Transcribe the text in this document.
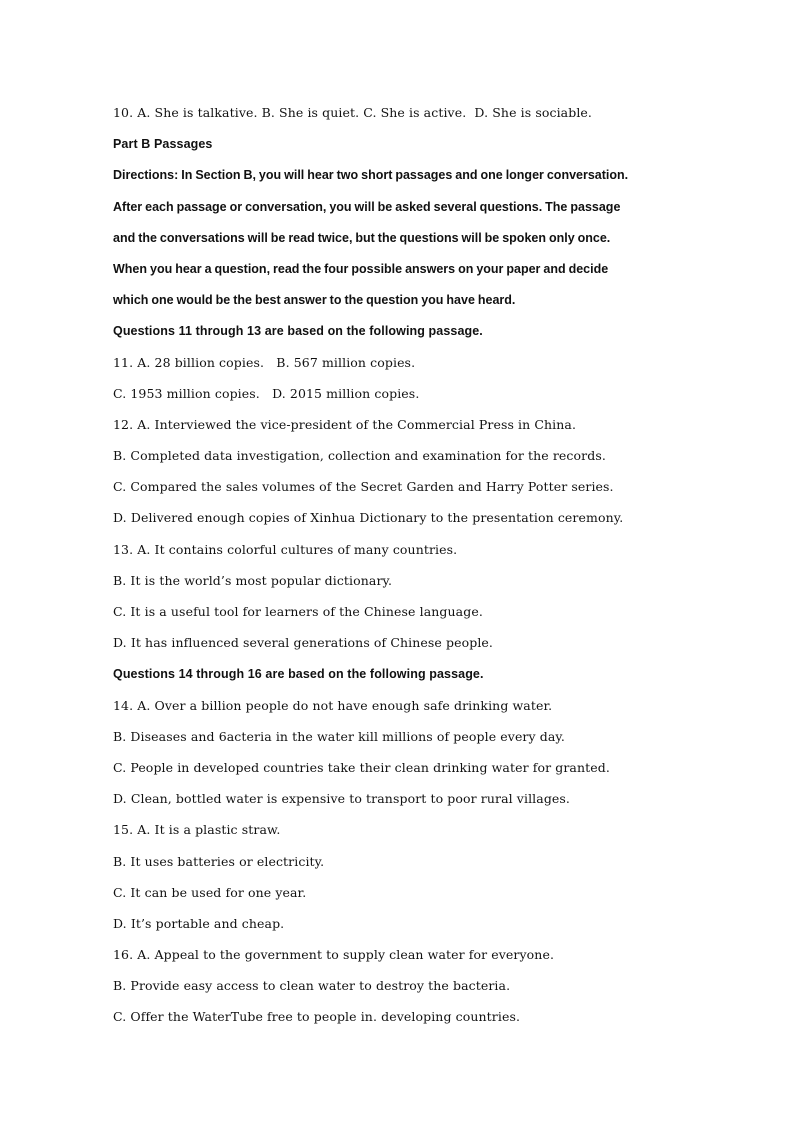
10. A. She is talkative. B. She is quiet. C. She is active.  D. She is sociable.
Part B Passages
Directions: In Section B, you will hear two short passages and one longer conversation.
After each passage or conversation, you will be asked several questions. The passage
and the conversations will be read twice, but the questions will be spoken only once.
When you hear a question, read the four possible answers on your paper and decide
which one would be the best answer to the question you have heard.
Questions 11 through 13 are based on the following passage.
11. A. 28 billion copies.   B. 567 million copies.
C. 1953 million copies.   D. 2015 million copies.
12. A. Interviewed the vice-president of the Commercial Press in China.
B. Completed data investigation, collection and examination for the records.
C. Compared the sales volumes of the Secret Garden and Harry Potter series.
D. Delivered enough copies of Xinhua Dictionary to the presentation ceremony.
13. A. It contains colorful cultures of many countries.
B. It is the world’s most popular dictionary.
C. It is a useful tool for learners of the Chinese language.
D. It has influenced several generations of Chinese people.
Questions 14 through 16 are based on the following passage.
14. A. Over a billion people do not have enough safe drinking water.
B. Diseases and 6acteria in the water kill millions of people every day.
C. People in developed countries take their clean drinking water for granted.
D. Clean, bottled water is expensive to transport to poor rural villages.
15. A. It is a plastic straw.
B. It uses batteries or electricity.
C. It can be used for one year.
D. It’s portable and cheap.
16. A. Appeal to the government to supply clean water for everyone.
B. Provide easy access to clean water to destroy the bacteria.
C. Offer the WaterTube free to people in. developing countries.
